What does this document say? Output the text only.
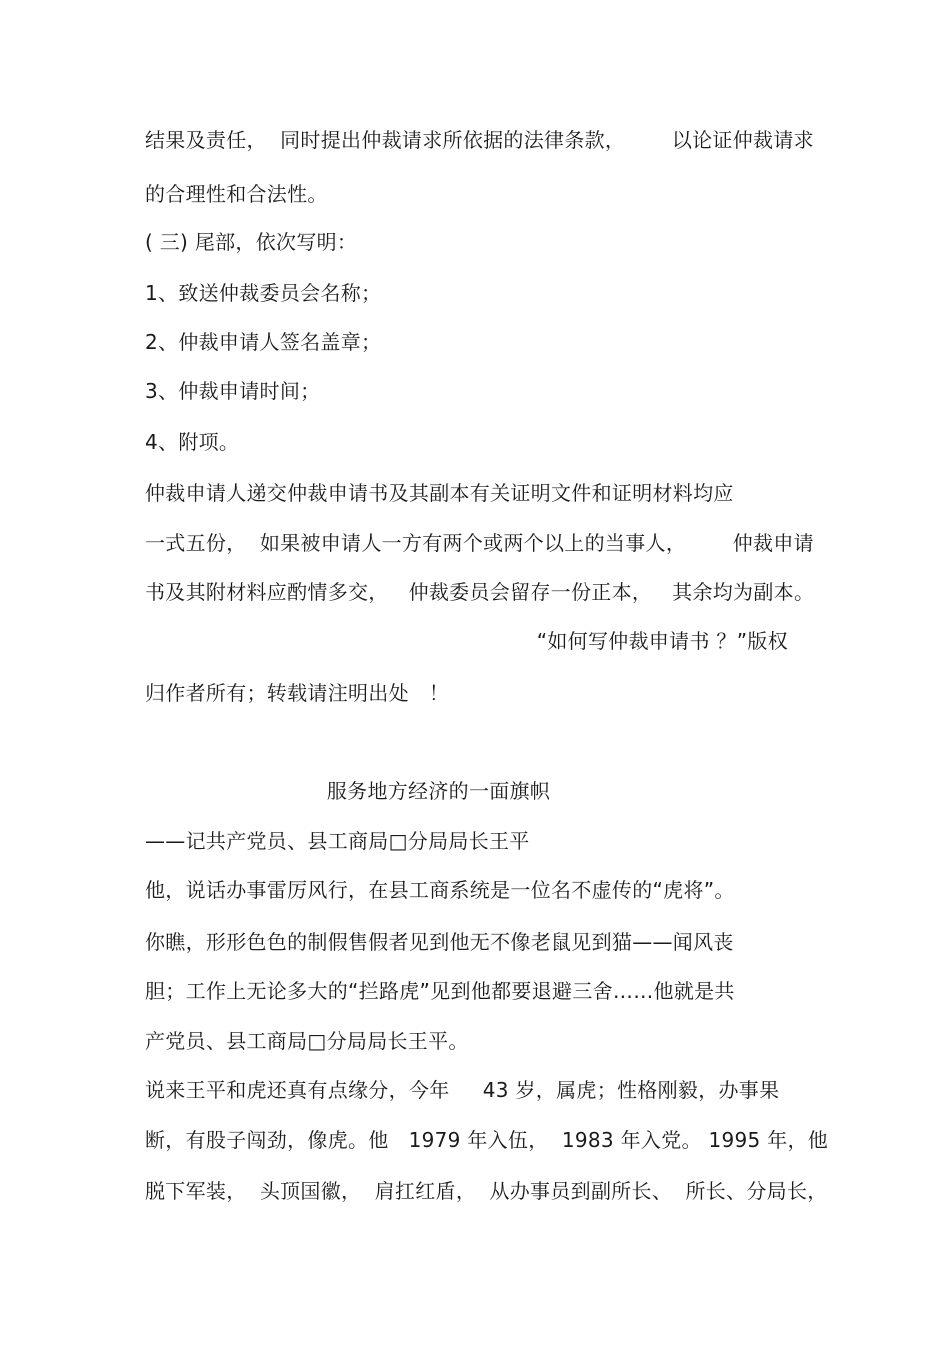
结果及责任，  同时提出仲裁请求所依据的法律条款，       以论证仲裁请求
的合理性和合法性。
( 三) 尾部，依次写明：
1、致送仲裁委员会名称；
2、仲裁申请人签名盖章；
3、仲裁申请时间；
4、附项。
仲裁申请人递交仲裁申请书及其副本有关证明文件和证明材料均应
一式五份，  如果被申请人一方有两个或两个以上的当事人，       仲裁申请
书及其附材料应酌情多交，   仲裁委员会留存一份正本，   其余均为副本。
“如何写仲裁申请书 ？”版权
归作者所有；转载请注明出处   ！
服务地方经济的一面旗帜
——记共产党员、县工商局□分局局长王平
他，说话办事雷厉风行，在县工商系统是一位名不虚传的“虎将”。
你瞧，形形色色的制假售假者见到他无不像老鼠见到猫——闻风丧
胆；工作上无论多大的“拦路虎”见到他都要退避三舍……他就是共
产党员、县工商局□分局局长王平。
说来王平和虎还真有点缘分，今年     43 岁，属虎；性格刚毅，办事果
断，有股子闯劲，像虎。他   1979 年入伍，  1983 年入党。 1995 年，他
脱下军装，  头顶国徽，  肩扛红盾，  从办事员到副所长、  所长、分局长，
